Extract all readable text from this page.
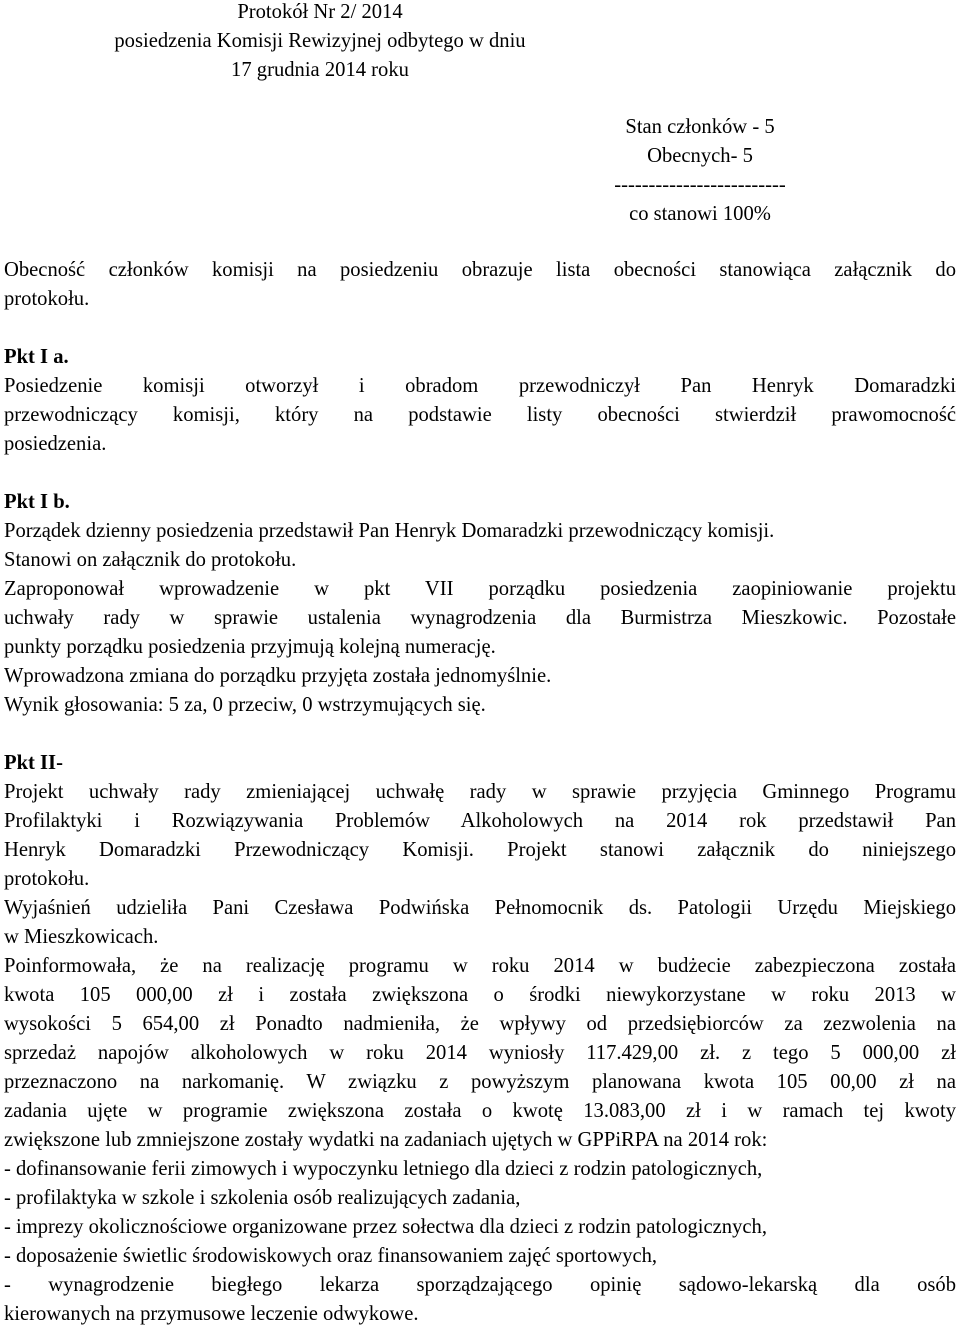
Protokół Nr 2/ 2014
posiedzenia Komisji Rewizyjnej odbytego w dniu
17 grudnia 2014 roku
Stan członków - 5
Obecnych- 5
-------------------------
co stanowi 100%
Obecność członków komisji na posiedzeniu obrazuje lista obecności stanowiąca załącznik do
protokołu.
Pkt I a.
Posiedzenie komisji otworzył i obradom przewodniczył Pan Henryk Domaradzki
przewodniczący komisji, który na podstawie listy obecności stwierdził prawomocność
posiedzenia.
Pkt I b.
Porządek dzienny posiedzenia przedstawił Pan Henryk Domaradzki przewodniczący komisji.
Stanowi on załącznik do protokołu.
Zaproponował wprowadzenie w pkt VII porządku posiedzenia zaopiniowanie projektu
uchwały rady w sprawie ustalenia wynagrodzenia dla Burmistrza Mieszkowic. Pozostałe
punkty porządku posiedzenia przyjmują kolejną numerację.
Wprowadzona zmiana do porządku przyjęta została jednomyślnie.
Wynik głosowania: 5 za, 0 przeciw, 0 wstrzymujących się.
Pkt II-
Projekt uchwały rady zmieniającej uchwałę rady w sprawie przyjęcia Gminnego Programu
Profilaktyki i Rozwiązywania Problemów Alkoholowych na 2014 rok przedstawił Pan
Henryk Domaradzki Przewodniczący Komisji. Projekt stanowi załącznik do niniejszego
protokołu.
Wyjaśnień udzieliła Pani Czesława Podwińska Pełnomocnik ds. Patologii Urzędu Miejskiego
w Mieszkowicach.
Poinformowała, że na realizację programu w roku 2014 w budżecie zabezpieczona została
kwota 105 000,00 zł i została zwiększona o środki niewykorzystane w roku 2013 w
wysokości 5 654,00 zł Ponadto nadmieniła, że wpływy od przedsiębiorców za zezwolenia na
sprzedaż napojów alkoholowych w roku 2014 wyniosły 117.429,00 zł. z tego 5 000,00 zł
przeznaczono na narkomanię. W związku z powyższym planowana kwota 105 00,00 zł na
zadania ujęte w programie zwiększona została o kwotę 13.083,00 zł i w ramach tej kwoty
zwiększone lub zmniejszone zostały wydatki na zadaniach ujętych w GPPiRPA na 2014 rok:
- dofinansowanie ferii zimowych i wypoczynku letniego dla dzieci z rodzin patologicznych,
- profilaktyka w szkole i szkolenia osób realizujących zadania,
- imprezy okolicznościowe organizowane przez sołectwa dla dzieci z rodzin patologicznych,
- doposażenie świetlic środowiskowych oraz finansowaniem zajęć sportowych,
- wynagrodzenie biegłego lekarza sporządzającego opinię sądowo-lekarską dla osób
kierowanych na przymusowe leczenie odwykowe.
